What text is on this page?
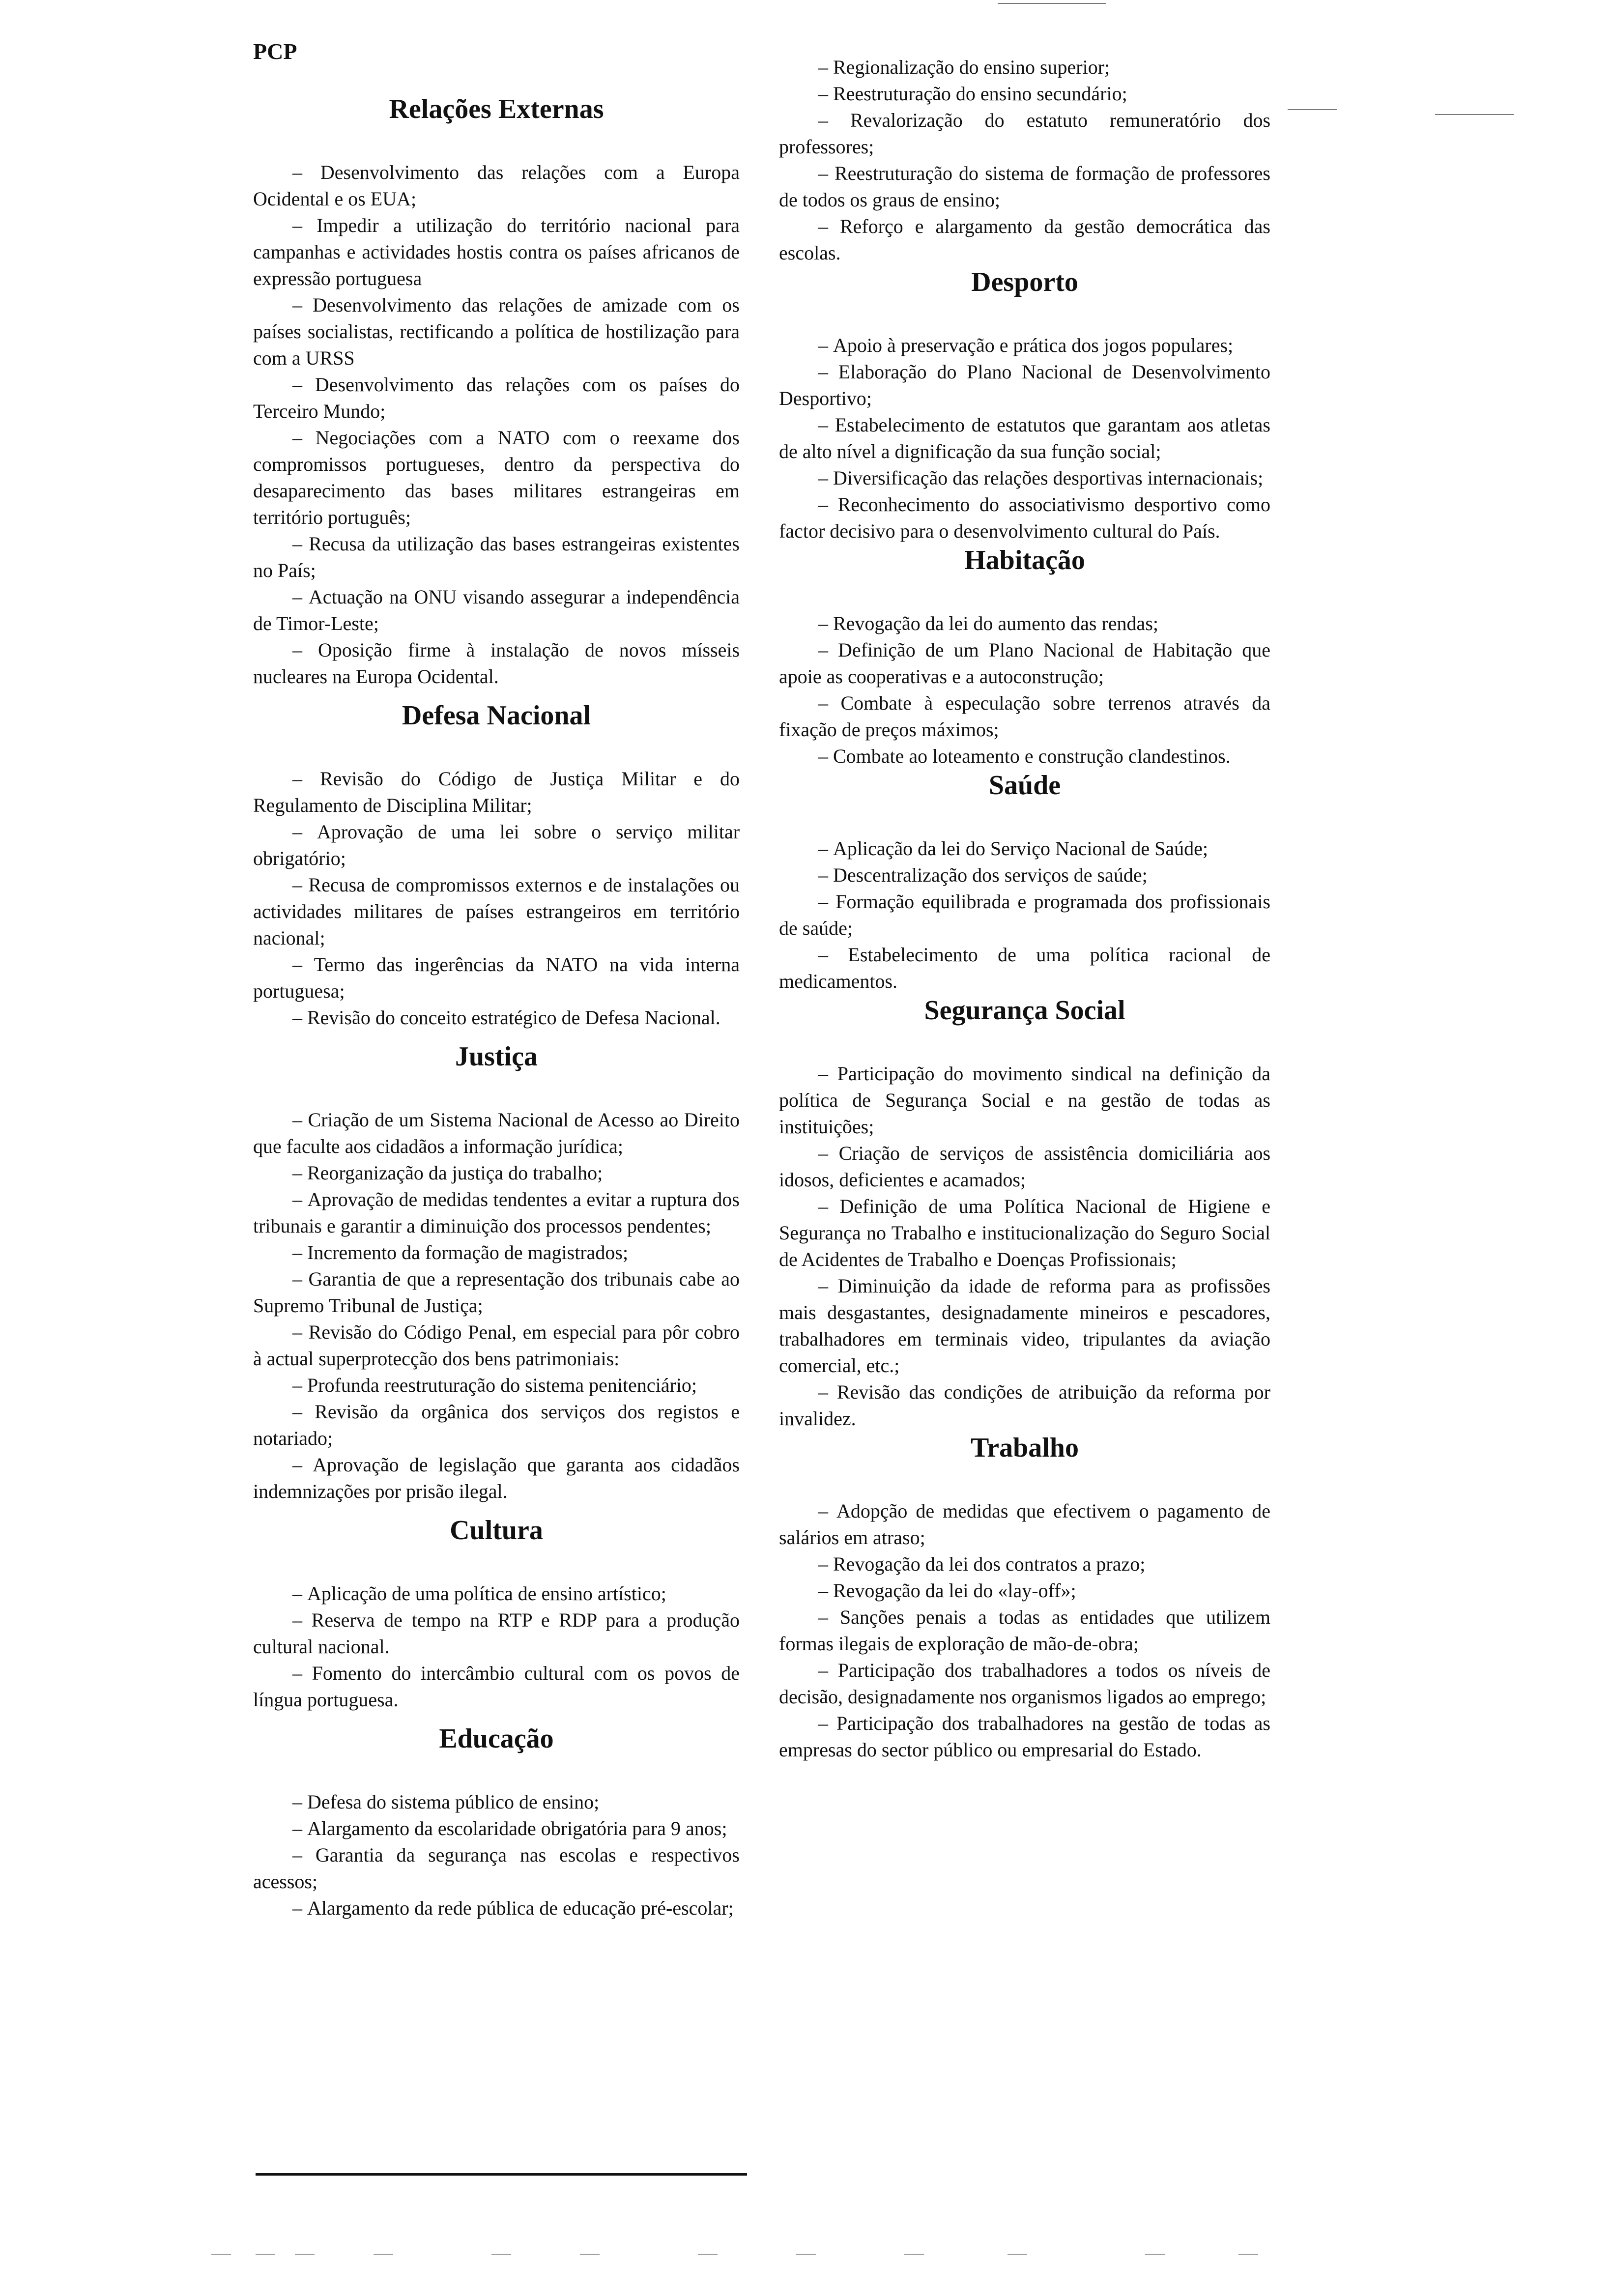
PCP
Relações Externas

– Desenvolvimento das relações com a Europa Ocidental e os EUA;

– Impedir a utilização do território nacional para campanhas e actividades hostis contra os países africanos de expressão portuguesa

– Desenvolvimento das relações de amizade com os países socialistas, rectificando a política de hostilização para com a URSS

– Desenvolvimento das relações com os países do Terceiro Mundo;

– Negociações com a NATO com o reexame dos compromissos portugueses, dentro da perspectiva do desaparecimento das bases militares estrangeiras em território português;

– Recusa da utilização das bases estrangeiras existentes no País;

– Actuação na ONU visando assegurar a independência de Timor-Leste;

– Oposição firme à instalação de novos mísseis nucleares na Europa Ocidental.

Defesa Nacional

– Revisão do Código de Justiça Militar e do Regulamento de Disciplina Militar;

– Aprovação de uma lei sobre o serviço militar obrigatório;

– Recusa de compromissos externos e de instalações ou actividades militares de países estrangeiros em território nacional;

– Termo das ingerências da NATO na vida interna portuguesa;

– Revisão do conceito estratégico de Defesa Nacional.

Justiça

– Criação de um Sistema Nacional de Acesso ao Direito que faculte aos cidadãos a informação jurídica;

– Reorganização da justiça do trabalho;

– Aprovação de medidas tendentes a evitar a ruptura dos tribunais e garantir a diminuição dos processos pendentes;

– Incremento da formação de magistrados;

– Garantia de que a representação dos tribunais cabe ao Supremo Tribunal de Justiça;

– Revisão do Código Penal, em especial para pôr cobro à actual superprotecção dos bens patrimoniais:

– Profunda reestruturação do sistema penitenciário;

– Revisão da orgânica dos serviços dos registos e notariado;

– Aprovação de legislação que garanta aos cidadãos indemnizações por prisão ilegal.

Cultura

– Aplicação de uma política de ensino artístico;

– Reserva de tempo na RTP e RDP para a produção cultural nacional.

– Fomento do intercâmbio cultural com os povos de língua portuguesa.

Educação

– Defesa do sistema público de ensino;

– Alargamento da escolaridade obrigatória para 9 anos;

– Garantia da segurança nas escolas e respectivos acessos;

– Alargamento da rede pública de educação pré-escolar;

– Regionalização do ensino superior;

– Reestruturação do ensino secundário;

– Revalorização do estatuto remuneratório dos professores;

– Reestruturação do sistema de formação de professores de todos os graus de ensino;

– Reforço e alargamento da gestão democrática das escolas.

Desporto

– Apoio à preservação e prática dos jogos populares;

– Elaboração do Plano Nacional de Desenvolvimento Desportivo;

– Estabelecimento de estatutos que garantam aos atletas de alto nível a dignificação da sua função social;

– Diversificação das relações desportivas internacionais;

– Reconhecimento do associativismo desportivo como factor decisivo para o desenvolvimento cultural do País.

Habitação

– Revogação da lei do aumento das rendas;

– Definição de um Plano Nacional de Habitação que apoie as cooperativas e a autoconstrução;

– Combate à especulação sobre terrenos através da fixação de preços máximos;

– Combate ao loteamento e construção clandestinos.

Saúde

– Aplicação da lei do Serviço Nacional de Saúde;

– Descentralização dos serviços de saúde;

– Formação equilibrada e programada dos profissionais de saúde;

– Estabelecimento de uma política racional de medicamentos.

Segurança Social

– Participação do movimento sindical na definição da política de Segurança Social e na gestão de todas as instituições;

– Criação de serviços de assistência domiciliária aos idosos, deficientes e acamados;

– Definição de uma Política Nacional de Higiene e Segurança no Trabalho e institucionalização do Seguro Social de Acidentes de Trabalho e Doenças Profissionais;

– Diminuição da idade de reforma para as profissões mais desgastantes, designadamente mineiros e pescadores, trabalhadores em terminais video, tripulantes da aviação comercial, etc.;

– Revisão das condições de atribuição da reforma por invalidez.

Trabalho

– Adopção de medidas que efectivem o pagamento de salários em atraso;

– Revogação da lei dos contratos a prazo;

– Revogação da lei do «lay-off»;

– Sanções penais a todas as entidades que utilizem formas ilegais de exploração de mão-de-obra;

– Participação dos trabalhadores a todos os níveis de decisão, designadamente nos organismos ligados ao emprego;

– Participação dos trabalhadores na gestão de todas as empresas do sector público ou empresarial do Estado.
